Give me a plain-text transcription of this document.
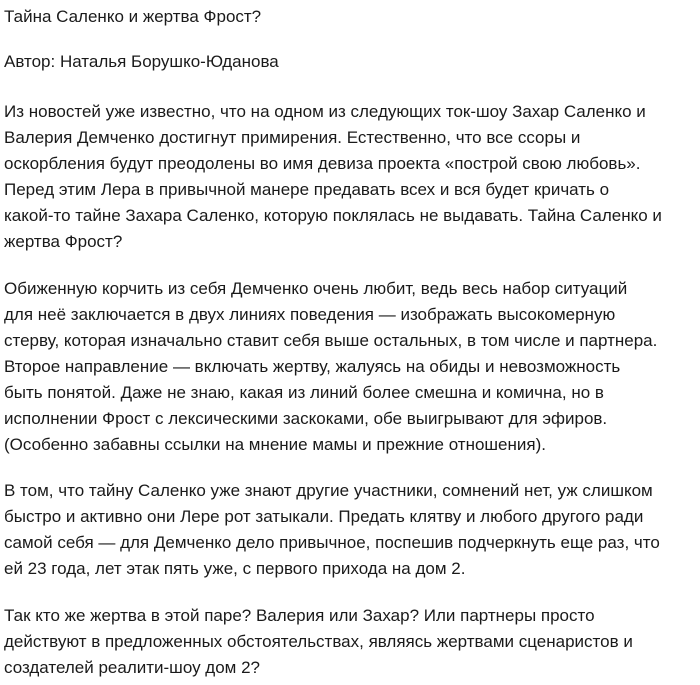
Тайна Саленко и жертва Фрост?
Автор: Наталья Борушко-Юданова
Из новостей уже известно, что на одном из следующих ток-шоу Захар Саленко и
Валерия Демченко достигнут примирения. Естественно, что все ссоры и
оскорбления будут преодолены во имя девиза проекта «построй свою любовь».
Перед этим Лера в привычной манере предавать всех и вся будет кричать о
какой-то тайне Захара Саленко, которую поклялась не выдавать. Тайна Саленко и
жертва Фрост?
Обиженную корчить из себя Демченко очень любит, ведь весь набор ситуаций
для неё заключается в двух линиях поведения — изображать высокомерную
стерву, которая изначально ставит себя выше остальных, в том числе и партнера.
Второе направление — включать жертву, жалуясь на обиды и невозможность
быть понятой. Даже не знаю, какая из линий более смешна и комична, но в
исполнении Фрост с лексическими заскоками, обе выигрывают для эфиров.
(Особенно забавны ссылки на мнение мамы и прежние отношения).
В том, что тайну Саленко уже знают другие участники, сомнений нет, уж слишком
быстро и активно они Лере рот затыкали. Предать клятву и любого другого ради
самой себя — для Демченко дело привычное, поспешив подчеркнуть еще раз, что
ей 23 года, лет этак пять уже, с первого прихода на дом 2.
Так кто же жертва в этой паре? Валерия или Захар? Или партнеры просто
действуют в предложенных обстоятельствах, являясь жертвами сценаристов и
создателей реалити-шоу дом 2?
